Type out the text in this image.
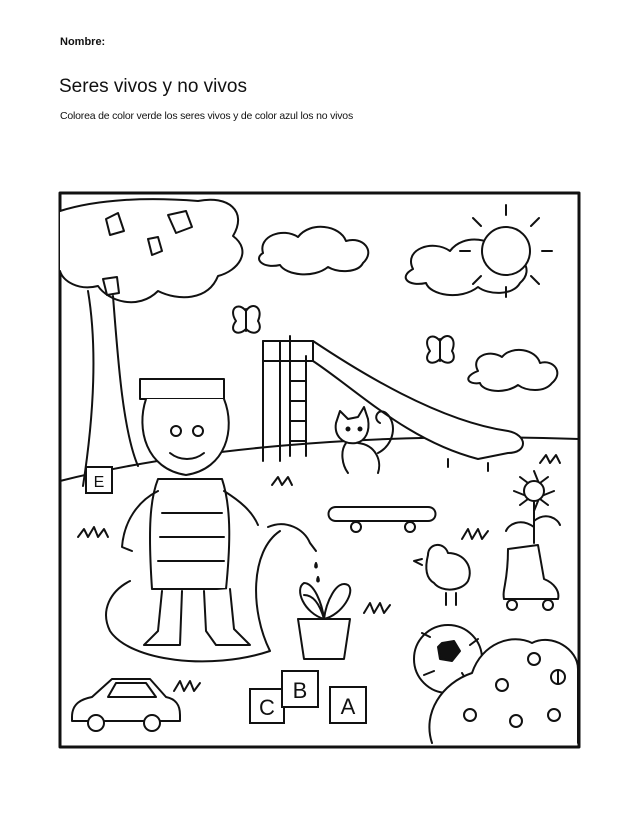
Nombre:
Seres vivos y no vivos
Colorea de color verde los seres vivos y de color azul los no vivos
E
C
B
A
